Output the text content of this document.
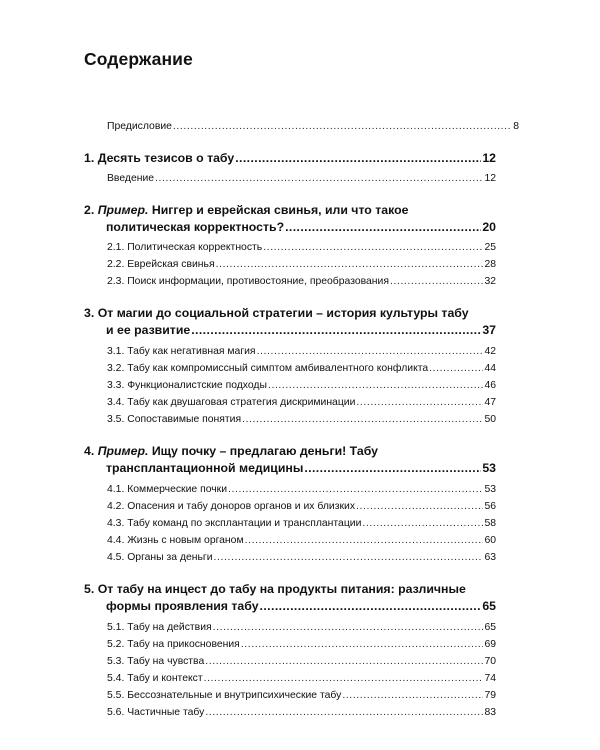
Содержание
Предисловие .....	8
1. Десять тезисов о табу .....	12
Введение .....	12
2. Пример. Ниггер и еврейская свинья, или что такое
политическая корректность? .....	20
2.1. Политическая корректность .....	25
2.2. Еврейская свинья .....	28
2.3. Поиск информации, противостояние, преобразования .....	32
3. От магии до социальной стратегии – история культуры табу
и ее развитие .....	37
3.1. Табу как негативная магия .....	42
3.2. Табу как компромиссный симптом амбивалентного конфликта .....	44
3.3. Функционалистские подходы .....	46
3.4. Табу как двушаговая стратегия дискриминации .....	47
3.5. Сопоставимые понятия .....	50
4. Пример. Ищу почку – предлагаю деньги! Табу
трансплантационной медицины .....	53
4.1. Коммерческие почки .....	53
4.2. Опасения и табу доноров органов и их близких .....	56
4.3. Табу команд по эксплантации и трансплантации .....	58
4.4. Жизнь с новым органом .....	60
4.5. Органы за деньги .....	63
5. От табу на инцест до табу на продукты питания: различные
формы проявления табу .....	65
5.1. Табу на действия .....	65
5.2. Табу на прикосновения .....	69
5.3. Табу на чувства .....	70
5.4. Табу и контекст .....	74
5.5. Бессознательные и внутрипсихические табу .....	79
5.6. Частичные табу .....	83
